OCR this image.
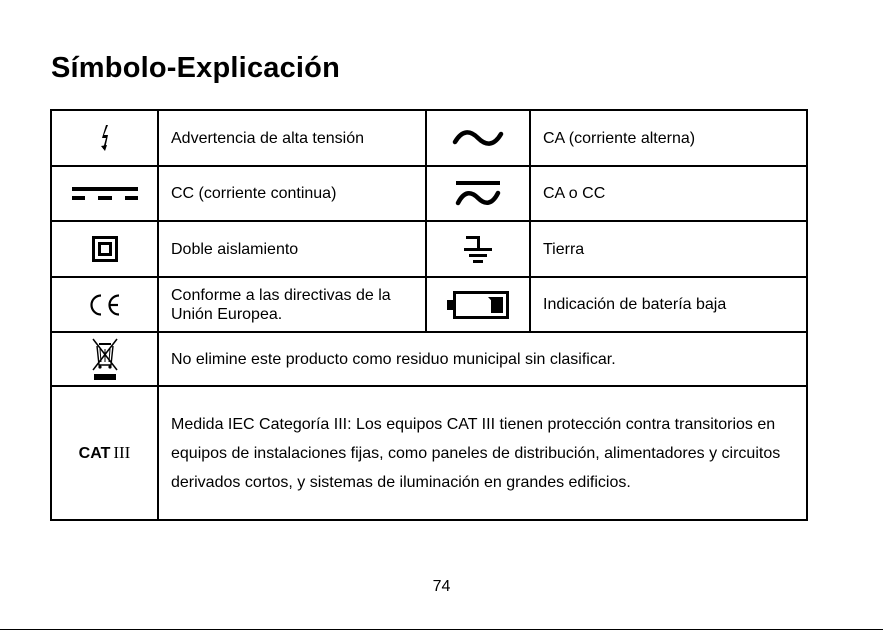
Símbolo-Explicación
	Advertencia de alta tensión		CA (corriente alterna)

	CC (corriente continua)		CA o CC

	Doble aislamiento		Tierra

	Conforme a las directivas de la Unión Europea.		Indicación de batería baja

	No elimine este producto como residuo municipal sin clasificar.		
CAT III	Medida IEC Categoría III: Los equipos CAT III tienen protección contra transitorios en equipos de instalaciones fijas, como paneles de distribución, alimentadores y circuitos derivados cortos, y sistemas de iluminación en grandes edificios.		
74
